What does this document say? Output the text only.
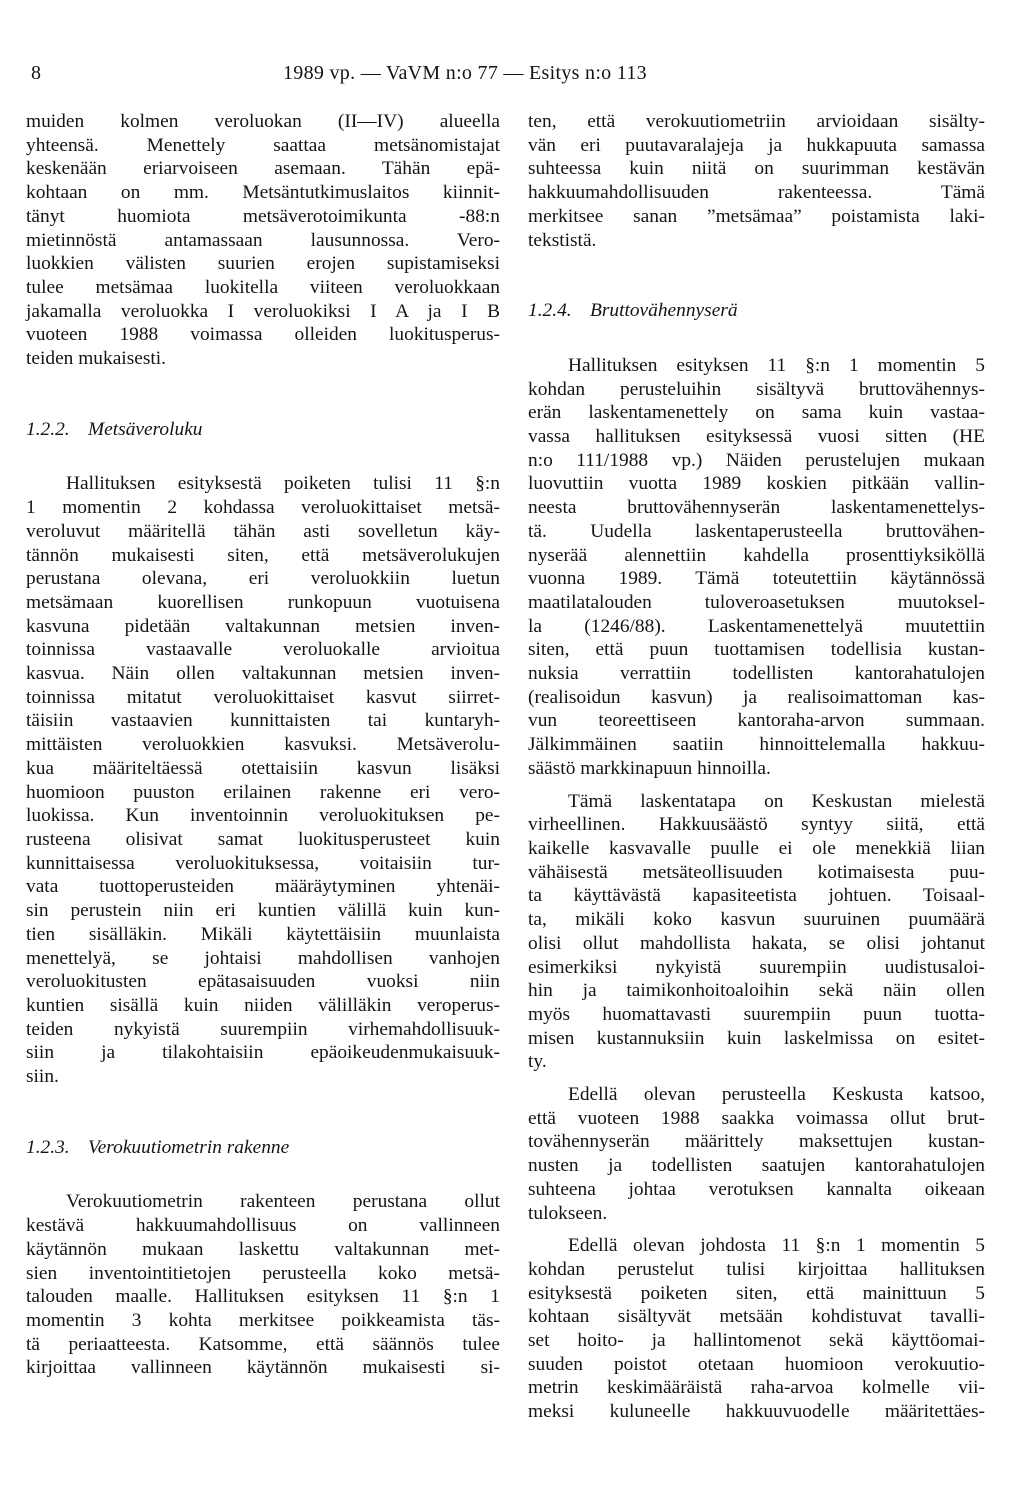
8	1989 vp. — VaVM n:o 77 — Esitys n:o 113
muiden kolmen veroluokan (II—IV) alueella
yhteensä. Menettely saattaa metsänomistajat
keskenään eriarvoiseen asemaan. Tähän epä-
kohtaan on mm. Metsäntutkimuslaitos kiinnit-
tänyt huomiota metsäverotoimikunta -88:n
mietinnöstä antamassaan lausunnossa. Vero-
luokkien välisten suurien erojen supistamiseksi
tulee metsämaa luokitella viiteen veroluokkaan
jakamalla veroluokka I veroluokiksi I A ja I B
vuoteen 1988 voimassa olleiden luokitusperus-
teiden mukaisesti.
1.2.2. Metsäveroluku
Hallituksen esityksestä poiketen tulisi 11 §:n
1 momentin 2 kohdassa veroluokittaiset metsä-
veroluvut määritellä tähän asti sovelletun käy-
tännön mukaisesti siten, että metsäverolukujen
perustana olevana, eri veroluokkiin luetun
metsämaan kuorellisen runkopuun vuotuisena
kasvuna pidetään valtakunnan metsien inven-
toinnissa vastaavalle veroluokalle arvioitua
kasvua. Näin ollen valtakunnan metsien inven-
toinnissa mitatut veroluokittaiset kasvut siirret-
täisiin vastaavien kunnittaisten tai kuntaryh-
mittäisten veroluokkien kasvuksi. Metsäverolu-
kua määriteltäessä otettaisiin kasvun lisäksi
huomioon puuston erilainen rakenne eri vero-
luokissa. Kun inventoinnin veroluokituksen pe-
rusteena olisivat samat luokitusperusteet kuin
kunnittaisessa veroluokituksessa, voitaisiin tur-
vata tuottoperusteiden määräytyminen yhtenäi-
sin perustein niin eri kuntien välillä kuin kun-
tien sisälläkin. Mikäli käytettäisiin muunlaista
menettelyä, se johtaisi mahdollisen vanhojen
veroluokitusten epätasaisuuden vuoksi niin
kuntien sisällä kuin niiden välilläkin veroperus-
teiden nykyistä suurempiin virhemahdollisuuk-
siin ja tilakohtaisiin epäoikeudenmukaisuuk-
siin.
1.2.3. Verokuutiometrin rakenne
Verokuutiometrin rakenteen perustana ollut
kestävä hakkuumahdollisuus on vallinneen
käytännön mukaan laskettu valtakunnan met-
sien inventointitietojen perusteella koko metsä-
talouden maalle. Hallituksen esityksen 11 §:n 1
momentin 3 kohta merkitsee poikkeamista täs-
tä periaatteesta. Katsomme, että säännös tulee
kirjoittaa vallinneen käytännön mukaisesti si-
ten, että verokuutiometriin arvioidaan sisälty-
vän eri puutavaralajeja ja hukkapuuta samassa
suhteessa kuin niitä on suurimman kestävän
hakkuumahdollisuuden rakenteessa. Tämä
merkitsee sanan ”metsämaa” poistamista laki-
tekstistä.
1.2.4. Bruttovähennyserä
Hallituksen esityksen 11 §:n 1 momentin 5
kohdan perusteluihin sisältyvä bruttovähennys-
erän laskentamenettely on sama kuin vastaa-
vassa hallituksen esityksessä vuosi sitten (HE
n:o 111/1988 vp.) Näiden perustelujen mukaan
luovuttiin vuotta 1989 koskien pitkään vallin-
neesta bruttovähennyserän laskentamenettelys-
tä. Uudella laskentaperusteella bruttovähen-
nyserää alennettiin kahdella prosenttiyksiköllä
vuonna 1989. Tämä toteutettiin käytännössä
maatilatalouden tuloveroasetuksen muutoksel-
la (1246/88). Laskentamenettelyä muutettiin
siten, että puun tuottamisen todellisia kustan-
nuksia verrattiin todellisten kantorahatulojen
(realisoidun kasvun) ja realisoimattoman kas-
vun teoreettiseen kantoraha-arvon summaan.
Jälkimmäinen saatiin hinnoittelemalla hakkuu-
säästö markkinapuun hinnoilla.
Tämä laskentatapa on Keskustan mielestä
virheellinen. Hakkuusäästö syntyy siitä, että
kaikelle kasvavalle puulle ei ole menekkiä liian
vähäisestä metsäteollisuuden kotimaisesta puu-
ta käyttävästä kapasiteetista johtuen. Toisaal-
ta, mikäli koko kasvun suuruinen puumäärä
olisi ollut mahdollista hakata, se olisi johtanut
esimerkiksi nykyistä suurempiin uudistusaloi-
hin ja taimikonhoitoaloihin sekä näin ollen
myös huomattavasti suurempiin puun tuotta-
misen kustannuksiin kuin laskelmissa on esitet-
ty.
Edellä olevan perusteella Keskusta katsoo,
että vuoteen 1988 saakka voimassa ollut brut-
tovähennyserän määrittely maksettujen kustan-
nusten ja todellisten saatujen kantorahatulojen
suhteena johtaa verotuksen kannalta oikeaan
tulokseen.
Edellä olevan johdosta 11 §:n 1 momentin 5
kohdan perustelut tulisi kirjoittaa hallituksen
esityksestä poiketen siten, että mainittuun 5
kohtaan sisältyvät metsään kohdistuvat tavalli-
set hoito- ja hallintomenot sekä käyttöomai-
suuden poistot otetaan huomioon verokuutio-
metrin keskimääräistä raha-arvoa kolmelle vii-
meksi kuluneelle hakkuuvuodelle määritettäes-
